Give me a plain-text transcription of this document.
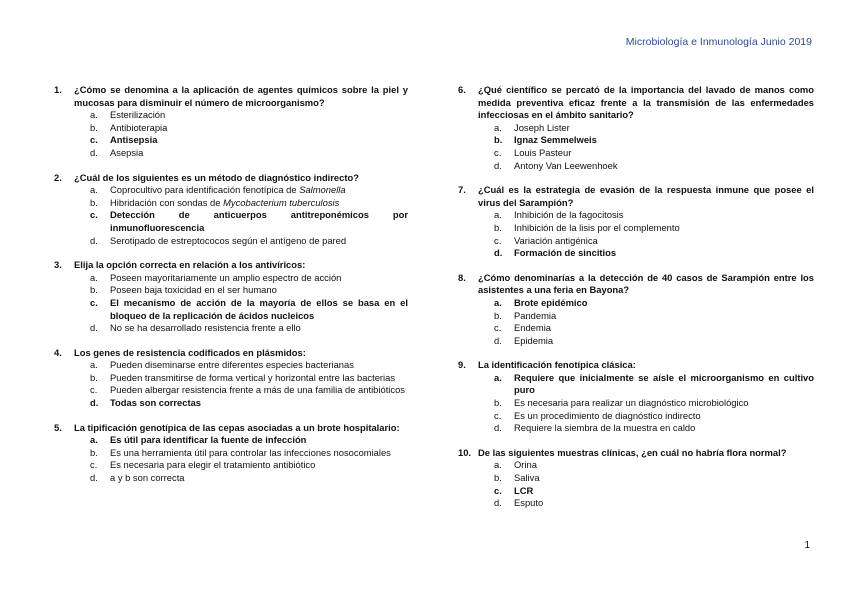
Microbiología e Inmunología Junio 2019
1.	¿Cómo se denomina a la aplicación de agentes químicos sobre la piel y mucosas para disminuir el número de microorganismo?
a.	Esterilización
b.	Antibioterapia
c.	Antisepsia
d.	Asepsia
2.	¿Cuál de los siguientes es un método de diagnóstico indirecto?
a.	Coprocultivo para identificación fenotípica de Salmonella
b.	Hibridación con sondas de Mycobacterium tuberculosis
c.	Detección de anticuerpos antitreponémicos por inmunofluorescencia
d.	Serotipado de estreptococos según el antígeno de pared
3.	Elija la opción correcta en relación a los antivíricos:
a.	Poseen mayoritariamente un amplio espectro de acción
b.	Poseen baja toxicidad en el ser humano
c.	El mecanismo de acción de la mayoría de ellos se basa en el bloqueo de la replicación de ácidos nucleicos
d.	No se ha desarrollado resistencia frente a ello
4.	Los genes de resistencia codificados en plásmidos:
a.	Pueden diseminarse entre diferentes especies bacterianas
b.	Pueden transmitirse de forma vertical y horizontal entre las bacterias
c.	Pueden albergar resistencia frente a más de una familia de antibióticos
d.	Todas son correctas
5.	La tipificación genotípica de las cepas asociadas a un brote hospitalario:
a.	Es útil para identificar la fuente de infección
b.	Es una herramienta útil para controlar las infecciones nosocomiales
c.	Es necesaria para elegir el tratamiento antibiótico
d.	a y b son correcta
6.	¿Qué científico se percató de la importancia del lavado de manos como medida preventiva eficaz frente a la transmisión de las enfermedades infecciosas en el ámbito sanitario?
a.	Joseph Lister
b.	Ignaz Semmelweis
c.	Louis Pasteur
d.	Antony Van Leewenhoek
7.	¿Cuál es la estrategia de evasión de la respuesta inmune que posee el virus del Sarampión?
a.	Inhibición de la fagocitosis
b.	Inhibición de la lisis por el complemento
c.	Variación antigénica
d.	Formación de sincitios
8.	¿Cómo denominarías a la detección de 40 casos de Sarampión entre los asistentes a una feria en Bayona?
a.	Brote epidémico
b.	Pandemia
c.	Endemia
d.	Epidemia
9.	La identificación fenotípica clásica:
a.	Requiere que inicialmente se aísle el microorganismo en cultivo puro
b.	Es necesaria para realizar un diagnóstico microbiológico
c.	Es un procedimiento de diagnóstico indirecto
d.	Requiere la siembra de la muestra en caldo
10. De las siguientes muestras clínicas, ¿en cuál no habría flora normal?
a.	Orina
b.	Saliva
c.	LCR
d.	Esputo
1
